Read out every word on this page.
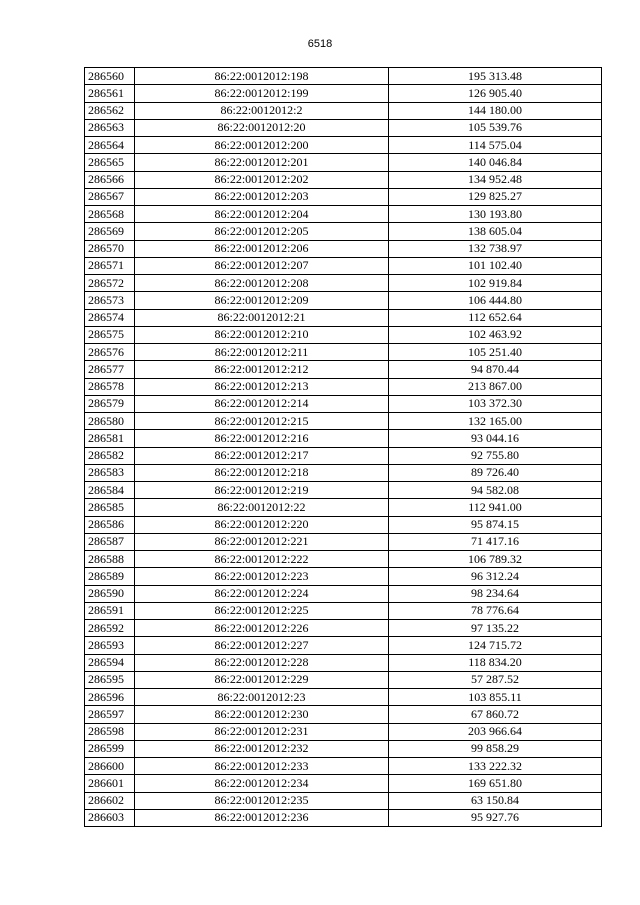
6518
286560	86:22:0012012:198	195 313.48
286561	86:22:0012012:199	126 905.40
286562	86:22:0012012:2	144 180.00
286563	86:22:0012012:20	105 539.76
286564	86:22:0012012:200	114 575.04
286565	86:22:0012012:201	140 046.84
286566	86:22:0012012:202	134 952.48
286567	86:22:0012012:203	129 825.27
286568	86:22:0012012:204	130 193.80
286569	86:22:0012012:205	138 605.04
286570	86:22:0012012:206	132 738.97
286571	86:22:0012012:207	101 102.40
286572	86:22:0012012:208	102 919.84
286573	86:22:0012012:209	106 444.80
286574	86:22:0012012:21	112 652.64
286575	86:22:0012012:210	102 463.92
286576	86:22:0012012:211	105 251.40
286577	86:22:0012012:212	94 870.44
286578	86:22:0012012:213	213 867.00
286579	86:22:0012012:214	103 372.30
286580	86:22:0012012:215	132 165.00
286581	86:22:0012012:216	93 044.16
286582	86:22:0012012:217	92 755.80
286583	86:22:0012012:218	89 726.40
286584	86:22:0012012:219	94 582.08
286585	86:22:0012012:22	112 941.00
286586	86:22:0012012:220	95 874.15
286587	86:22:0012012:221	71 417.16
286588	86:22:0012012:222	106 789.32
286589	86:22:0012012:223	96 312.24
286590	86:22:0012012:224	98 234.64
286591	86:22:0012012:225	78 776.64
286592	86:22:0012012:226	97 135.22
286593	86:22:0012012:227	124 715.72
286594	86:22:0012012:228	118 834.20
286595	86:22:0012012:229	57 287.52
286596	86:22:0012012:23	103 855.11
286597	86:22:0012012:230	67 860.72
286598	86:22:0012012:231	203 966.64
286599	86:22:0012012:232	99 858.29
286600	86:22:0012012:233	133 222.32
286601	86:22:0012012:234	169 651.80
286602	86:22:0012012:235	63 150.84
286603	86:22:0012012:236	95 927.76
